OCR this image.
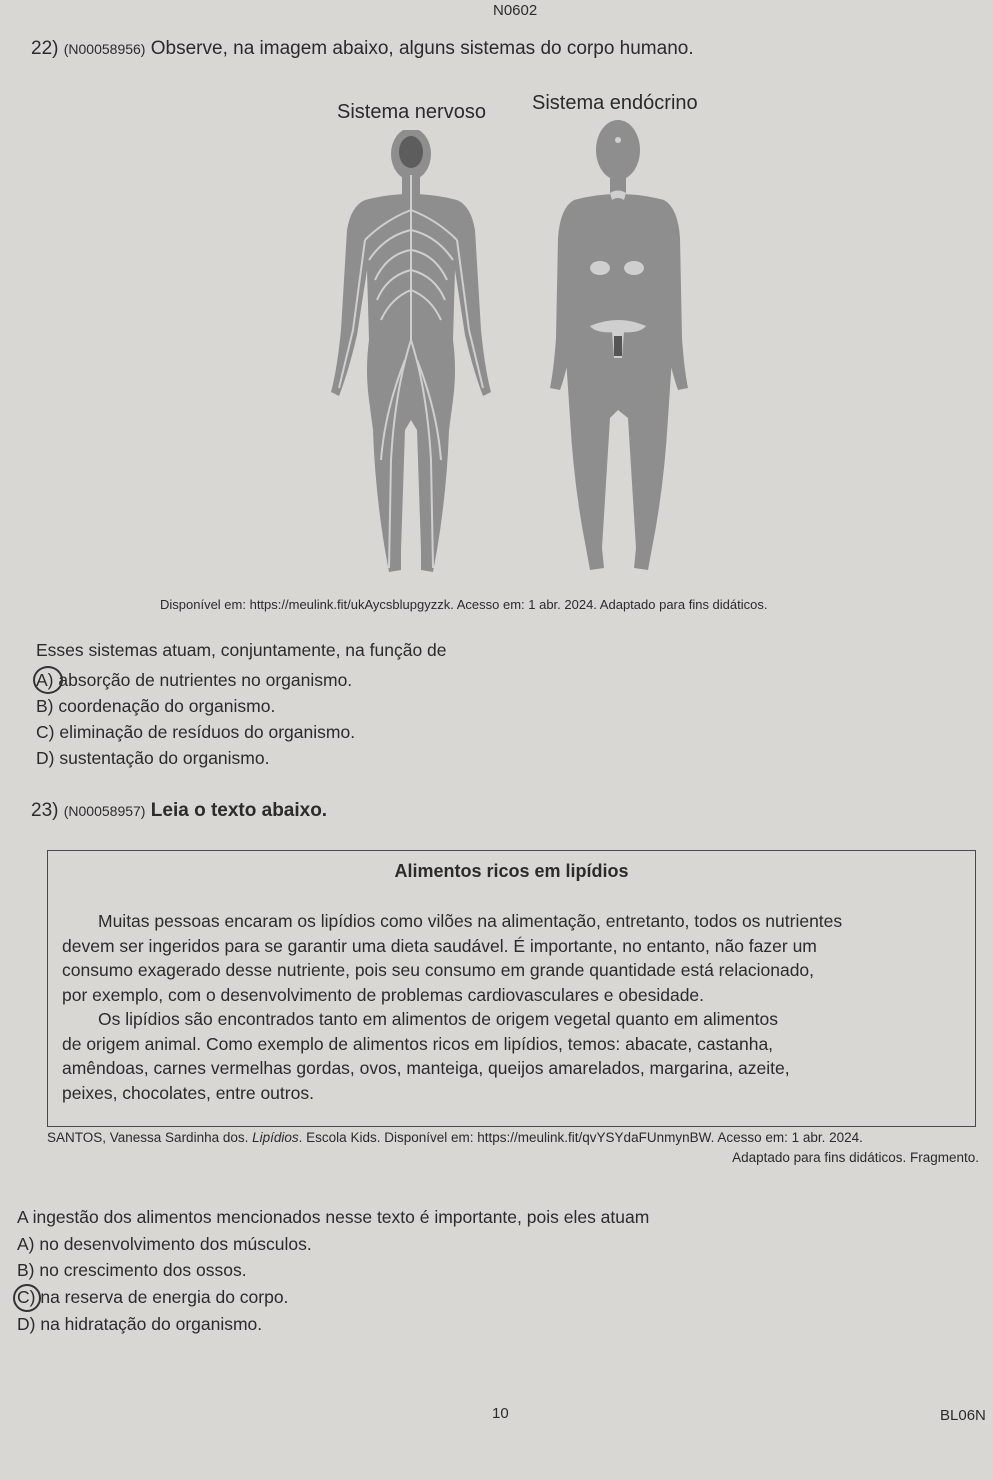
N0602
22) (N00058956) Observe, na imagem abaixo, alguns sistemas do corpo humano.
Sistema nervoso Sistema endócrino
Disponível em: https://meulink.fit/ukAycsblupgyzzk. Acesso em: 1 abr. 2024. Adaptado para fins didáticos.
Esses sistemas atuam, conjuntamente, na função de
A) absorção de nutrientes no organismo.
B) coordenação do organismo.
C) eliminação de resíduos do organismo.
D) sustentação do organismo.
23) (N00058957) Leia o texto abaixo.
Alimentos ricos em lipídios
Muitas pessoas encaram os lipídios como vilões na alimentação, entretanto, todos os nutrientes
devem ser ingeridos para se garantir uma dieta saudável. É importante, no entanto, não fazer um
consumo exagerado desse nutriente, pois seu consumo em grande quantidade está relacionado,
por exemplo, com o desenvolvimento de problemas cardiovasculares e obesidade.
Os lipídios são encontrados tanto em alimentos de origem vegetal quanto em alimentos
de origem animal. Como exemplo de alimentos ricos em lipídios, temos: abacate, castanha,
amêndoas, carnes vermelhas gordas, ovos, manteiga, queijos amarelados, margarina, azeite,
peixes, chocolates, entre outros.
SANTOS, Vanessa Sardinha dos. Lipídios. Escola Kids. Disponível em: https://meulink.fit/qvYSYdaFUnmynBW. Acesso em: 1 abr. 2024.
Adaptado para fins didáticos. Fragmento.
A ingestão dos alimentos mencionados nesse texto é importante, pois eles atuam
A) no desenvolvimento dos músculos.
B) no crescimento dos ossos.
C) na reserva de energia do corpo.
D) na hidratação do organismo.
10	BL06N
